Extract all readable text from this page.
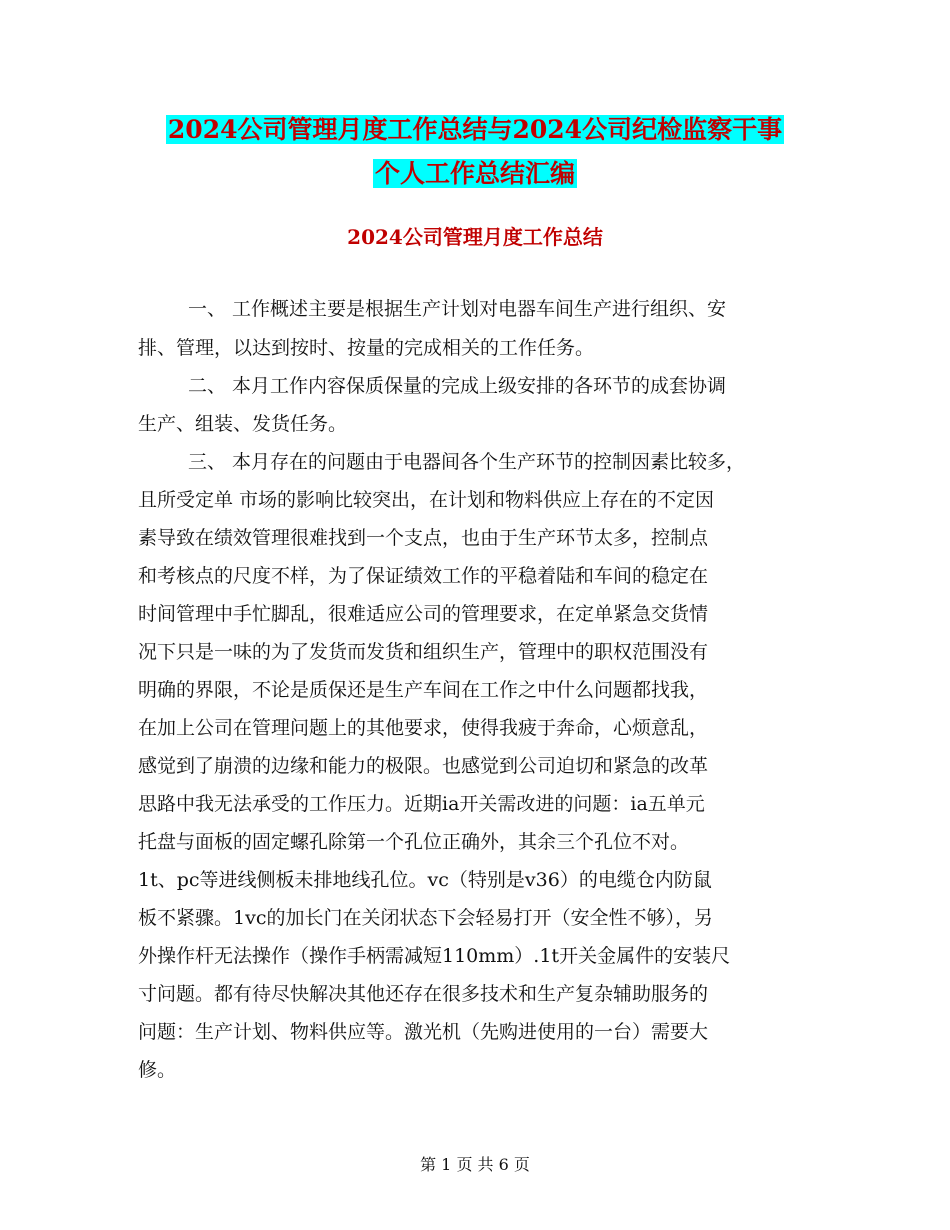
2024公司管理月度工作总结与2024公司纪检监察干事
个人工作总结汇编
2024公司管理月度工作总结
一、 工作概述主要是根据生产计划对电器车间生产进行组织、安
排、管理，以达到按时、按量的完成相关的工作任务。
二、 本月工作内容保质保量的完成上级安排的各环节的成套协调
生产、组装、发货任务。
三、 本月存在的问题由于电器间各个生产环节的控制因素比较多，
且所受定单 市场的影响比较突出，在计划和物料供应上存在的不定因
素导致在绩效管理很难找到一个支点，也由于生产环节太多，控制点
和考核点的尺度不样，为了保证绩效工作的平稳着陆和车间的稳定在
时间管理中手忙脚乱，很难适应公司的管理要求，在定单紧急交货情
况下只是一味的为了发货而发货和组织生产，管理中的职权范围没有
明确的界限，不论是质保还是生产车间在工作之中什么问题都找我，
在加上公司在管理问题上的其他要求，使得我疲于奔命，心烦意乱，
感觉到了崩溃的边缘和能力的极限。也感觉到公司迫切和紧急的改革
思路中我无法承受的工作压力。近期ia开关需改进的问题：ia五单元
托盘与面板的固定螺孔除第一个孔位正确外，其余三个孔位不对。
1t、pc等进线侧板未排地线孔位。vc（特别是v36）的电缆仓内防鼠
板不紧骤。1vc的加长门在关闭状态下会轻易打开（安全性不够），另
外操作杆无法操作（操作手柄需减短110mm）.1t开关金属件的安装尺
寸问题。都有待尽快解决其他还存在很多技术和生产复杂辅助服务的
问题：生产计划、物料供应等。激光机（先购进使用的一台）需要大
修。
第 1 页 共 6 页
